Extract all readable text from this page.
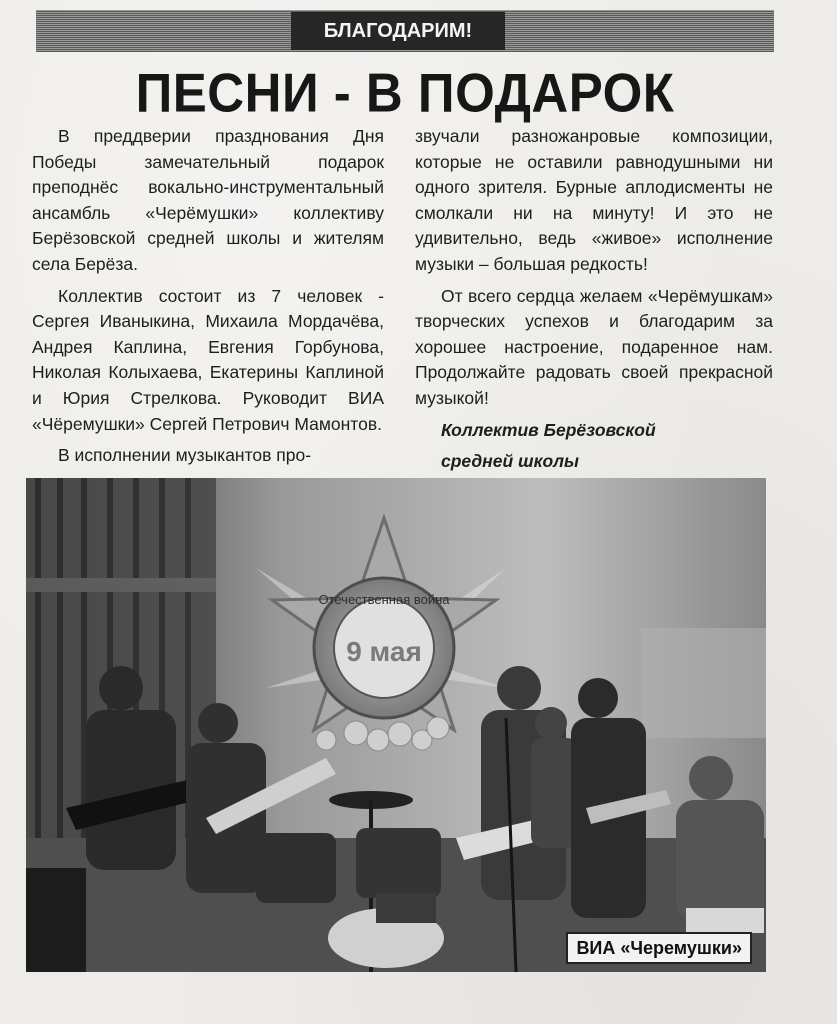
БЛАГОДАРИМ!
ПЕСНИ - В ПОДАРОК

В преддверии празднования Дня Победы замечательный подарок преподнёс вокально-инструментальный ансамбль «Черёмушки» коллективу Берёзовской средней школы и жителям села Берёза.

Коллектив состоит из 7 человек - Сергея Иваныкина, Михаила Мордачёва, Андрея Каплина, Евгения Горбунова, Николая Колыхаева, Екатерины Каплиной и Юрия Стрелкова. Руководит ВИА «Чёремушки» Сергей Петрович Мамонтов.

В исполнении музыкантов про-

звучали разножанровые композиции, которые не оставили равнодушными ни одного зрителя. Бурные аплодисменты не смолкали ни на минуту! И это не удивительно, ведь «живое» исполнение музыки – большая редкость!

От всего сердца желаем «Черёмушкам» творческих успехов и благодарим за хорошее настроение, подаренное нам. Продолжайте радовать своей прекрасной музыкой!

Коллектив Берёзовской

средней школы

9 мая
Отечественная война
ВИА «Черемушки»
